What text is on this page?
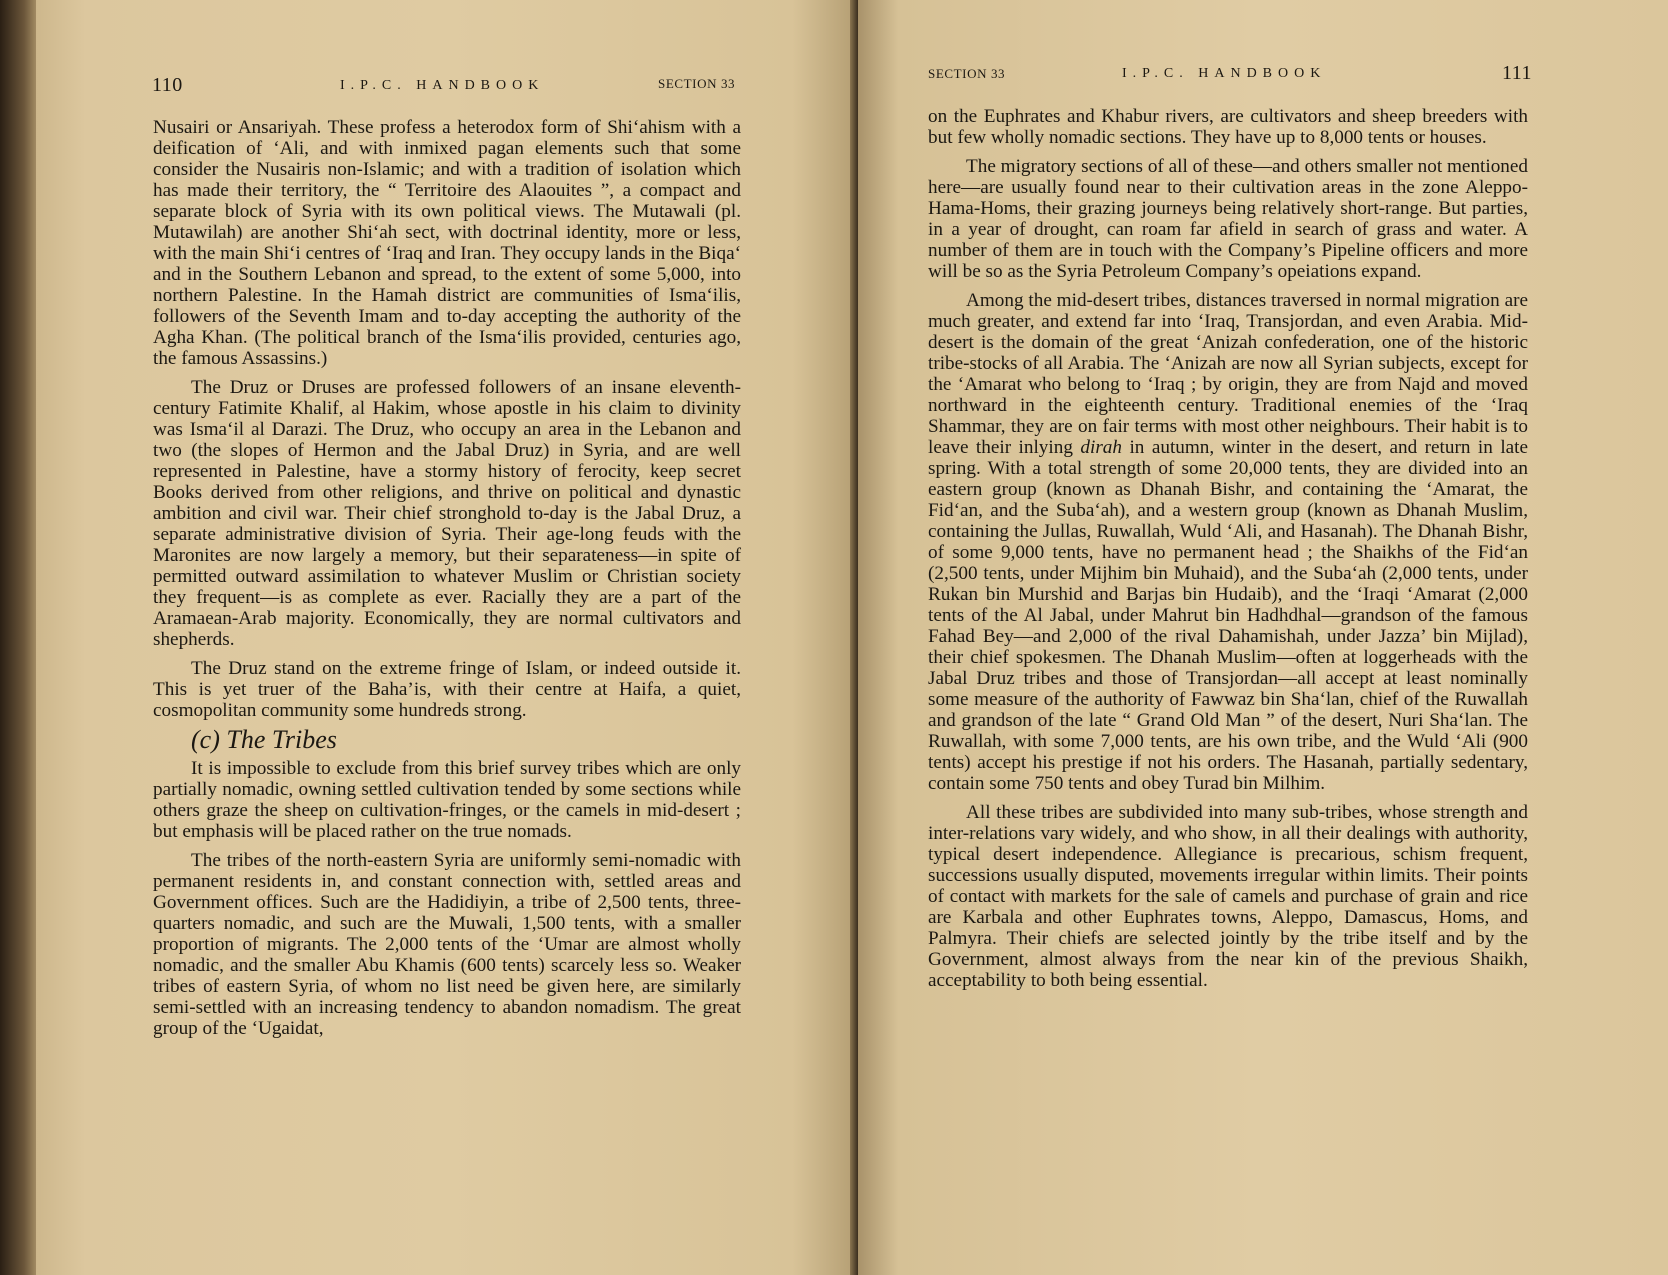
110	I.P.C. HANDBOOK	SECTION 33

Nusairi or Ansariyah. These profess a heterodox form of Shi‘ahism with a deification of ‘Ali, and with inmixed pagan elements such that some consider the Nusairis non-Islamic; and with a tradition of isolation which has made their territory, the “ Territoire des Alaouites ”, a compact and separate block of Syria with its own political views. The Mutawali (pl. Mutawilah) are another Shi‘ah sect, with doctrinal identity, more or less, with the main Shi‘i centres of ‘Iraq and Iran. They occupy lands in the Biqa‘ and in the Southern Lebanon and spread, to the extent of some 5,000, into northern Palestine. In the Hamah district are communities of Isma‘ilis, followers of the Seventh Imam and to-day accepting the authority of the Agha Khan. (The political branch of the Isma‘ilis provided, centuries ago, the famous Assassins.)

The Druz or Druses are professed followers of an insane eleventh-century Fatimite Khalif, al Hakim, whose apostle in his claim to divinity was Isma‘il al Darazi. The Druz, who occupy an area in the Lebanon and two (the slopes of Hermon and the Jabal Druz) in Syria, and are well represented in Palestine, have a stormy history of ferocity, keep secret Books derived from other religions, and thrive on political and dynastic ambition and civil war. Their chief stronghold to-day is the Jabal Druz, a separate administrative division of Syria. Their age-long feuds with the Maronites are now largely a memory, but their separateness—in spite of permitted outward assimilation to whatever Muslim or Christian society they frequent—is as complete as ever. Racially they are a part of the Aramaean-Arab majority. Economically, they are normal cultivators and shepherds.

The Druz stand on the extreme fringe of Islam, or indeed outside it. This is yet truer of the Baha’is, with their centre at Haifa, a quiet, cosmopolitan community some hundreds strong.

(c) The Tribes

It is impossible to exclude from this brief survey tribes which are only partially nomadic, owning settled cultivation tended by some sections while others graze the sheep on cultivation-fringes, or the camels in mid-desert ; but emphasis will be placed rather on the true nomads.

The tribes of the north-eastern Syria are uniformly semi-nomadic with permanent residents in, and constant connection with, settled areas and Government offices. Such are the Hadidiyin, a tribe of 2,500 tents, three-quarters nomadic, and such are the Muwali, 1,500 tents, with a smaller proportion of migrants. The 2,000 tents of the ‘Umar are almost wholly nomadic, and the smaller Abu Khamis (600 tents) scarcely less so. Weaker tribes of eastern Syria, of whom no list need be given here, are similarly semi-settled with an increasing tendency to abandon nomadism. The great group of the ‘Ugaidat,

SECTION 33	I.P.C. HANDBOOK	111

on the Euphrates and Khabur rivers, are cultivators and sheep breeders with but few wholly nomadic sections. They have up to 8,000 tents or houses.

The migratory sections of all of these—and others smaller not mentioned here—are usually found near to their cultivation areas in the zone Aleppo-Hama-Homs, their grazing journeys being relatively short-range. But parties, in a year of drought, can roam far afield in search of grass and water. A number of them are in touch with the Company’s Pipeline officers and more will be so as the Syria Petroleum Company’s opeiations expand.

Among the mid-desert tribes, distances traversed in normal migration are much greater, and extend far into ‘Iraq, Transjordan, and even Arabia. Mid-desert is the domain of the great ‘Anizah confederation, one of the historic tribe-stocks of all Arabia. The ‘Anizah are now all Syrian subjects, except for the ‘Amarat who belong to ‘Iraq ; by origin, they are from Najd and moved northward in the eighteenth century. Traditional enemies of the ‘Iraq Shammar, they are on fair terms with most other neighbours. Their habit is to leave their inlying dirah in autumn, winter in the desert, and return in late spring. With a total strength of some 20,000 tents, they are divided into an eastern group (known as Dhanah Bishr, and containing the ‘Amarat, the Fid‘an, and the Suba‘ah), and a western group (known as Dhanah Muslim, containing the Jullas, Ruwallah, Wuld ‘Ali, and Hasanah). The Dhanah Bishr, of some 9,000 tents, have no permanent head ; the Shaikhs of the Fid‘an (2,500 tents, under Mijhim bin Muhaid), and the Suba‘ah (2,000 tents, under Rukan bin Murshid and Barjas bin Hudaib), and the ‘Iraqi ‘Amarat (2,000 tents of the Al Jabal, under Mahrut bin Hadhdhal—grandson of the famous Fahad Bey—and 2,000 of the rival Dahamishah, under Jazza’ bin Mijlad), their chief spokesmen. The Dhanah Muslim—often at loggerheads with the Jabal Druz tribes and those of Transjordan—all accept at least nominally some measure of the authority of Fawwaz bin Sha‘lan, chief of the Ruwallah and grandson of the late “ Grand Old Man ” of the desert, Nuri Sha‘lan. The Ruwallah, with some 7,000 tents, are his own tribe, and the Wuld ‘Ali (900 tents) accept his prestige if not his orders. The Hasanah, partially sedentary, contain some 750 tents and obey Turad bin Milhim.

All these tribes are subdivided into many sub-tribes, whose strength and inter-relations vary widely, and who show, in all their dealings with authority, typical desert independence. Allegiance is precarious, schism frequent, successions usually disputed, movements irregular within limits. Their points of contact with markets for the sale of camels and purchase of grain and rice are Karbala and other Euphrates towns, Aleppo, Damascus, Homs, and Palmyra. Their chiefs are selected jointly by the tribe itself and by the Government, almost always from the near kin of the previous Shaikh, acceptability to both being essential.
